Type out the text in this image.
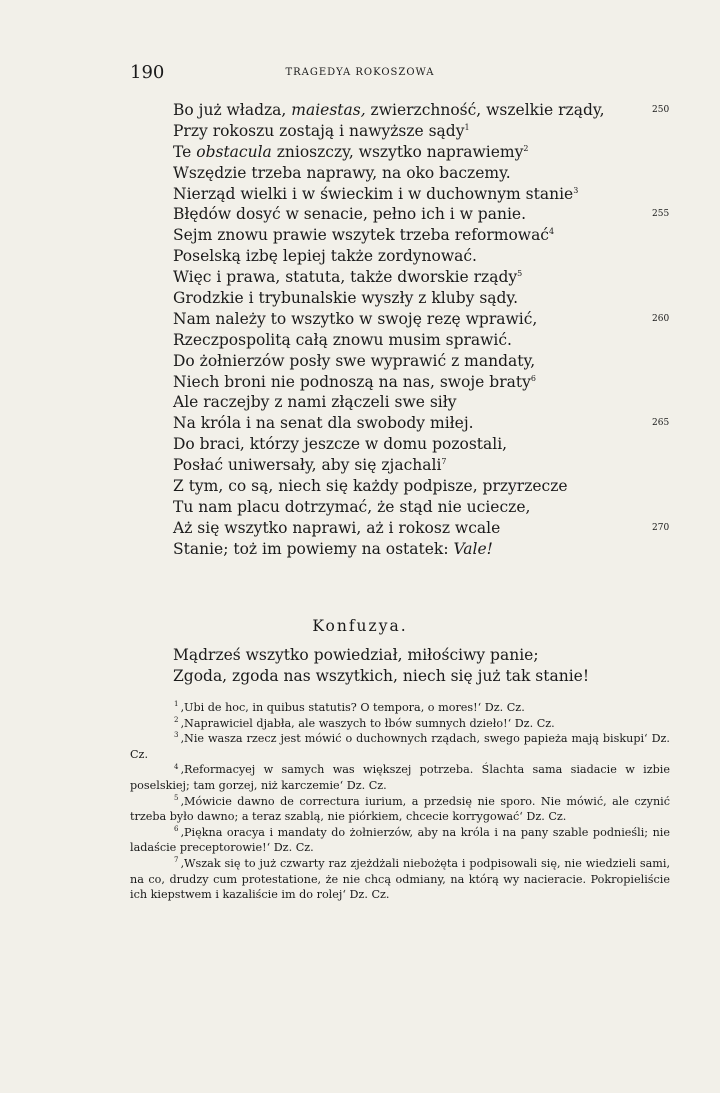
190	TRAGEDYA ROKOSZOWA
Bo już władza, maiestas, zwierzchność, wszelkie rządy,	250
Przy rokoszu zostają i nawyższe sądy$^1$
Te obstacula znioszczy, wszytko naprawiemy$^2$
Wszędzie trzeba naprawy, na oko baczemy.
Nierząd wielki i w świeckim i w duchownym stanie$^3$
Błędów dosyć w senacie, pełno ich i w panie.	255
Sejm znowu prawie wszytek trzeba reformować$^4$
Poselską izbę lepiej także zordynować.
Więc i prawa, statuta, także dworskie rządy$^5$
Grodzkie i trybunalskie wyszły z kluby sądy.
Nam należy to wszytko w swoję rezę wprawić,	260
Rzeczpospolitą całą znowu musim sprawić.
Do żołnierzów posły swe wyprawić z mandaty,
Niech broni nie podnoszą na nas, swoje braty$^6$
Ale raczejby z nami złączeli swe siły
Na króla i na senat dla swobody miłej.	265
Do braci, którzy jeszcze w domu pozostali,
Posłać uniwersały, aby się zjachali$^7$
Z tym, co są, niech się każdy podpisze, przyrzecze
Tu nam placu dotrzymać, że stąd nie uciecze,
Aż się wszytko naprawi, aż i rokosz wcale	270
Stanie; toż im powiemy na ostatek: Vale!
Konfuzya.
Mądrześ wszytko powiedział, miłościwy panie;
Zgoda, zgoda nas wszytkich, niech się już tak stanie!

$^1$ ‚Ubi de hoc, in quibus statutis? O tempora, o mores!‘ Dz. Cz.

$^2$ ‚Naprawiciel djabła, ale waszych to łbów sumnych dzieło!‘ Dz. Cz.

$^3$ ‚Nie wasza rzecz jest mówić o duchownych rządach, swego papieża mają biskupi‘ Dz. Cz.

$^4$ ‚Reformacyej w samych was większej potrzeba. Ślachta sama siadacie w izbie poselskiej; tam gorzej, niż karczemie‘ Dz. Cz.

$^5$ ‚Mówicie dawno de correctura iurium, a przedsię nie sporo. Nie mówić, ale czynić trzeba było dawno; a teraz szablą, nie piórkiem, chcecie korrygować‘ Dz. Cz.

$^6$ ‚Piękna oracya i mandaty do żołnierzów, aby na króla i na pany szable podnieśli; nie ladaście preceptorowie!‘ Dz. Cz.

$^7$ ‚Wszak się to już czwarty raz zjeżdżali niebożęta i podpisowali się, nie wiedzieli sami, na co, drudzy cum protestatione, że nie chcą odmiany, na którą wy nacieracie. Pokropieliście ich kiepstwem i kazaliście im do rolej‘ Dz. Cz.
